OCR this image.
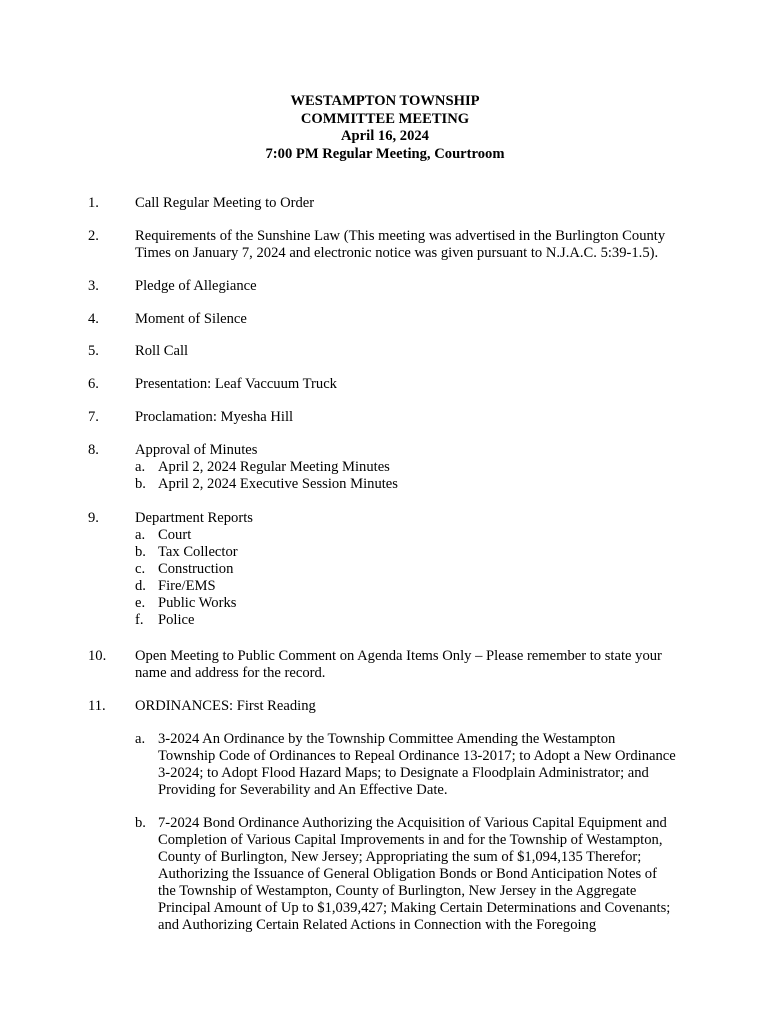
WESTAMPTON TOWNSHIP
COMMITTEE MEETING
April 16, 2024
7:00 PM Regular Meeting, Courtroom
1.	Call Regular Meeting to Order
2.	Requirements of the Sunshine Law (This meeting was advertised in the Burlington County
Times on January 7, 2024 and electronic notice was given pursuant to N.J.A.C. 5:39-1.5).
3.	Pledge of Allegiance
4.	Moment of Silence
5.	Roll Call
6.	Presentation: Leaf Vaccuum Truck
7.	Proclamation: Myesha Hill
8.	Approval of Minutes
a. April 2, 2024 Regular Meeting Minutes
b. April 2, 2024 Executive Session Minutes
9.	Department Reports
a. Court
b. Tax Collector
c. Construction
d. Fire/EMS
e. Public Works
f. Police
10.	Open Meeting to Public Comment on Agenda Items Only – Please remember to state your
name and address for the record.
11.	ORDINANCES: First Reading
a. 3-2024 An Ordinance by the Township Committee Amending the Westampton
Township Code of Ordinances to Repeal Ordinance 13-2017; to Adopt a New Ordinance
3-2024; to Adopt Flood Hazard Maps; to Designate a Floodplain Administrator; and
Providing for Severability and An Effective Date.
b. 7-2024 Bond Ordinance Authorizing the Acquisition of Various Capital Equipment and
Completion of Various Capital Improvements in and for the Township of Westampton,
County of Burlington, New Jersey; Appropriating the sum of $1,094,135 Therefor;
Authorizing the Issuance of General Obligation Bonds or Bond Anticipation Notes of
the Township of Westampton, County of Burlington, New Jersey in the Aggregate
Principal Amount of Up to $1,039,427; Making Certain Determinations and Covenants;
and Authorizing Certain Related Actions in Connection with the Foregoing
